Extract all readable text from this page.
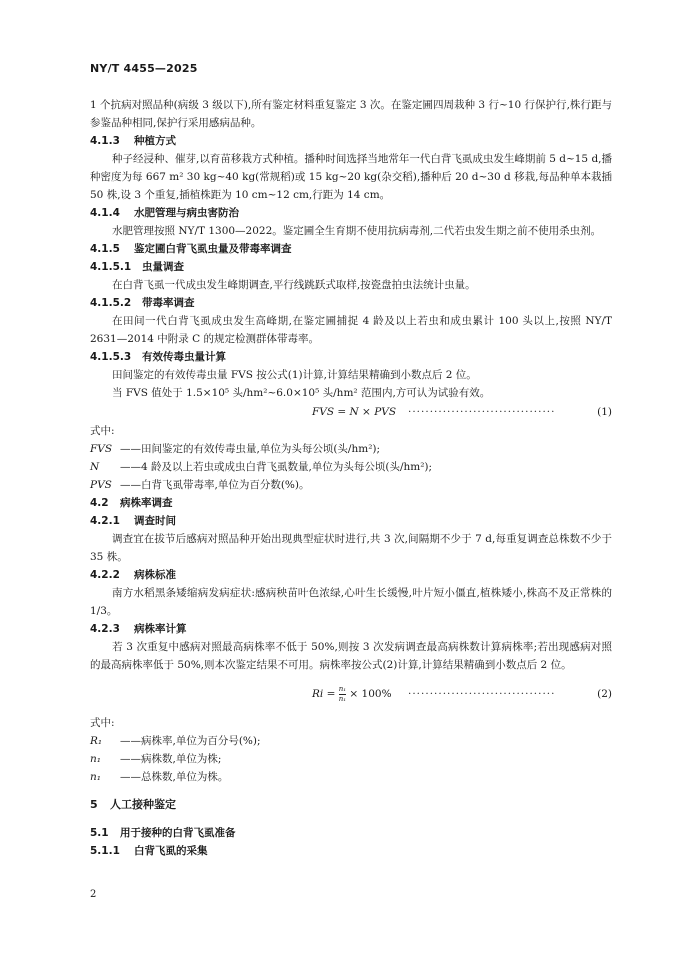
NY/T 4455—2025

1 个抗病对照品种(病级 3 级以下),所有鉴定材料重复鉴定 3 次。在鉴定圃四周栽种 3 行~10 行保护行,株行距与参鉴品种相同,保护行采用感病品种。

4.1.3 种植方式

种子经浸种、催芽,以育苗移栽方式种植。播种时间选择当地常年一代白背飞虱成虫发生峰期前 5 d~15 d,播种密度为每 667 m² 30 kg~40 kg(常规稻)或 15 kg~20 kg(杂交稻),播种后 20 d~30 d 移栽,每品种单本栽插 50 株,设 3 个重复,插植株距为 10 cm~12 cm,行距为 14 cm。

4.1.4 水肥管理与病虫害防治

水肥管理按照 NY/T 1300—2022。鉴定圃全生育期不使用抗病毒剂,二代若虫发生期之前不使用杀虫剂。

4.1.5 鉴定圃白背飞虱虫量及带毒率调查
4.1.5.1 虫量调查

在白背飞虱一代成虫发生峰期调查,平行线跳跃式取样,按瓷盘拍虫法统计虫量。

4.1.5.2 带毒率调查

在田间一代白背飞虱成虫发生高峰期,在鉴定圃捕捉 4 龄及以上若虫和成虫累计 100 头以上,按照 NY/T 2631—2014 中附录 C 的规定检测群体带毒率。

4.1.5.3 有效传毒虫量计算

田间鉴定的有效传毒虫量 FVS 按公式(1)计算,计算结果精确到小数点后 2 位。

当 FVS 值处于 1.5×10⁵ 头/hm²~6.0×10⁵ 头/hm² 范围内,方可认为试验有效。

FVS = N × PVS ··································	(1)

式中:

FVS ——田间鉴定的有效传毒虫量,单位为头每公顷(头/hm²);
N	——4 龄及以上若虫或成虫白背飞虱数量,单位为头每公顷(头/hm²);
PVS ——白背飞虱带毒率,单位为百分数(%)。
4.2 病株率调查
4.2.1 调查时间

调查宜在拔节后感病对照品种开始出现典型症状时进行,共 3 次,间隔期不少于 7 d,每重复调查总株数不少于 35 株。

4.2.2 病株标准

南方水稻黑条矮缩病发病症状:感病秧苗叶色浓绿,心叶生长缓慢,叶片短小僵直,植株矮小,株高不及正常株的 1/3。

4.2.3 病株率计算

若 3 次重复中感病对照最高病株率不低于 50%,则按 3 次发病调查最高病株数计算病株率;若出现感病对照的最高病株率低于 50%,则本次鉴定结果不可用。病株率按公式(2)计算,计算结果精确到小数点后 2 位。

$Ri = \frac{\text{n₁}}{\text{n₁}} \times 100\%$ ··································	(2)

式中:

R₁	——病株率,单位为百分号(%);
n₁	——病株数,单位为株;
n₁	——总株数,单位为株。
5 人工接种鉴定
5.1 用于接种的白背飞虱准备
5.1.1 白背飞虱的采集
2
